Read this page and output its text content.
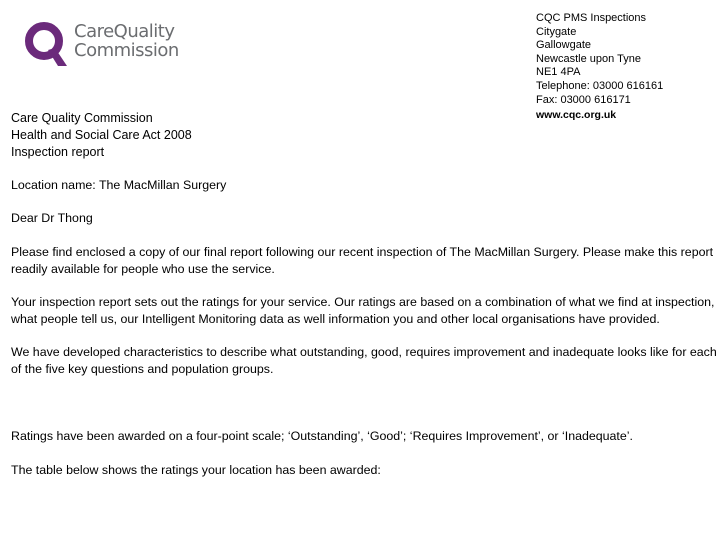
CareQuality
Commission
CQC PMS Inspections
Citygate
Gallowgate
Newcastle upon Tyne
NE1 4PA
Telephone: 03000 616161
Fax: 03000 616171
www.cqc.org.uk
Care Quality Commission
Health and Social Care Act 2008
Inspection report
Location name: The MacMillan Surgery
Dear Dr Thong
Please find enclosed a copy of our final report following our recent inspection of The MacMillan Surgery. Please make this report readily available for people who use the service.
Your inspection report sets out the ratings for your service. Our ratings are based on a combination of what we find at inspection, what people tell us, our Intelligent Monitoring data as well information you and other local organisations have provided.
We have developed characteristics to describe what outstanding, good, requires improvement and inadequate looks like for each of the five key questions and population groups.
Ratings have been awarded on a four-point scale; ‘Outstanding’, ‘Good’; ‘Requires Improvement’, or ‘Inadequate’.
The table below shows the ratings your location has been awarded:
